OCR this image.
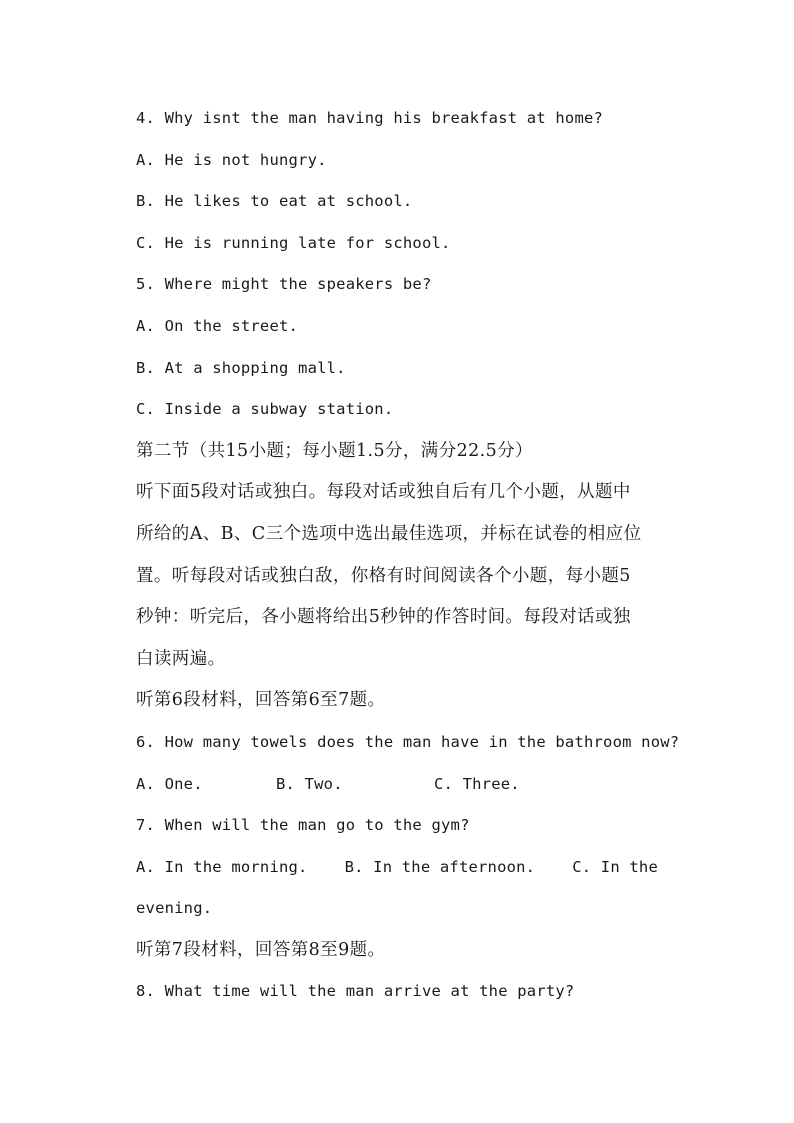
4. Why isnt the man having his breakfast at home?
A. He is not hungry.
B. He likes to eat at school.
C. He is running late for school.
5. Where might the speakers be?
A. On the street.
B. At a shopping mall.
C. Inside a subway station.
第二节（共15小题；每小题1.5分，满分22.5分）
听下面5段对话或独白。每段对话或独自后有几个小题，从题中
所给的A、B、C三个选项中选出最佳选项，并标在试卷的相应位
置。听每段对话或独白敌，你格有时间阅读各个小题，每小题5
秒钟：听完后，各小题将给出5秒钟的作答时间。每段对话或独
白读两遍。
听第6段材料，回答第6至7题。
6. How many towels does the man have in the bathroom now?
A. One.	B. Two.	C. Three.
7. When will the man go to the gym?
A. In the morning. B. In the afternoon. C. In the
evening.
听第7段材料，回答第8至9题。
8. What time will the man arrive at the party?
